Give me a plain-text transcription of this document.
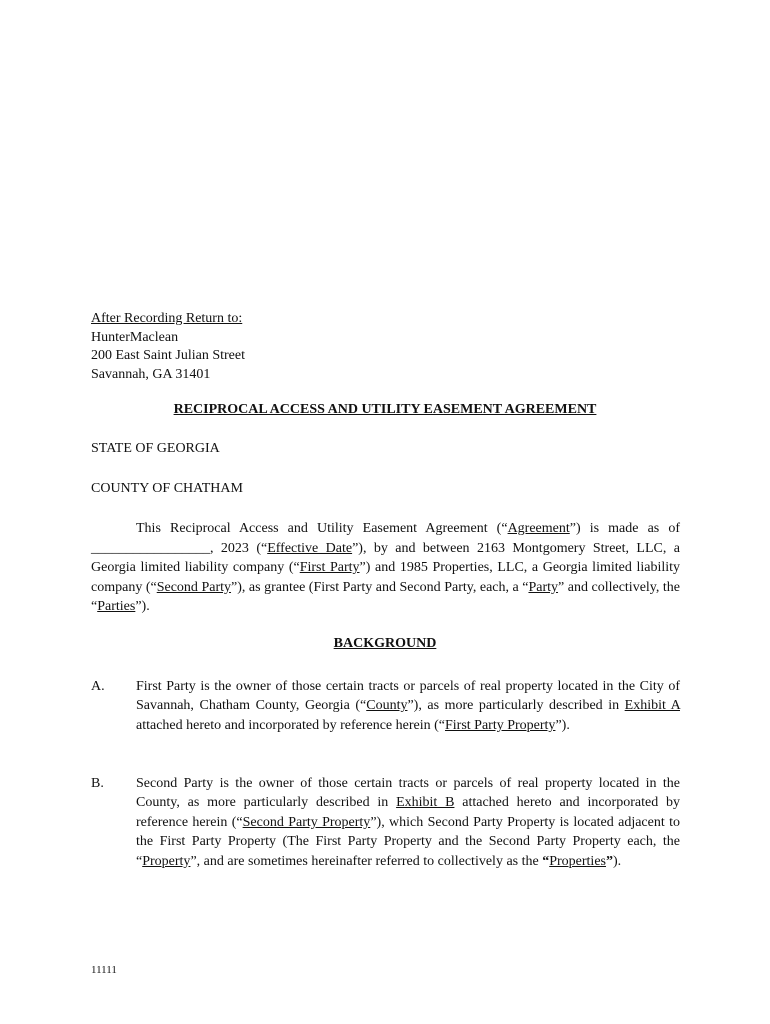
After Recording Return to:
HunterMaclean
200 East Saint Julian Street
Savannah, GA 31401
RECIPROCAL ACCESS AND UTILITY EASEMENT AGREEMENT
STATE OF GEORGIA
COUNTY OF CHATHAM
This Reciprocal Access and Utility Easement Agreement (“Agreement”) is made as of _________________, 2023 (“Effective Date”), by and between 2163 Montgomery Street, LLC, a Georgia limited liability company (“First Party”) and 1985 Properties, LLC, a Georgia limited liability company (“Second Party”), as grantee (First Party and Second Party, each, a “Party” and collectively, the “Parties”).
BACKGROUND
A. First Party is the owner of those certain tracts or parcels of real property located in the City of Savannah, Chatham County, Georgia (“County”), as more particularly described in Exhibit A attached hereto and incorporated by reference herein (“First Party Property”).
B. Second Party is the owner of those certain tracts or parcels of real property located in the County, as more particularly described in Exhibit B attached hereto and incorporated by reference herein (“Second Party Property”), which Second Party Property is located adjacent to the First Party Property (The First Party Property and the Second Party Property each, the “Property”, and are sometimes hereinafter referred to collectively as the “Properties”).
11111
